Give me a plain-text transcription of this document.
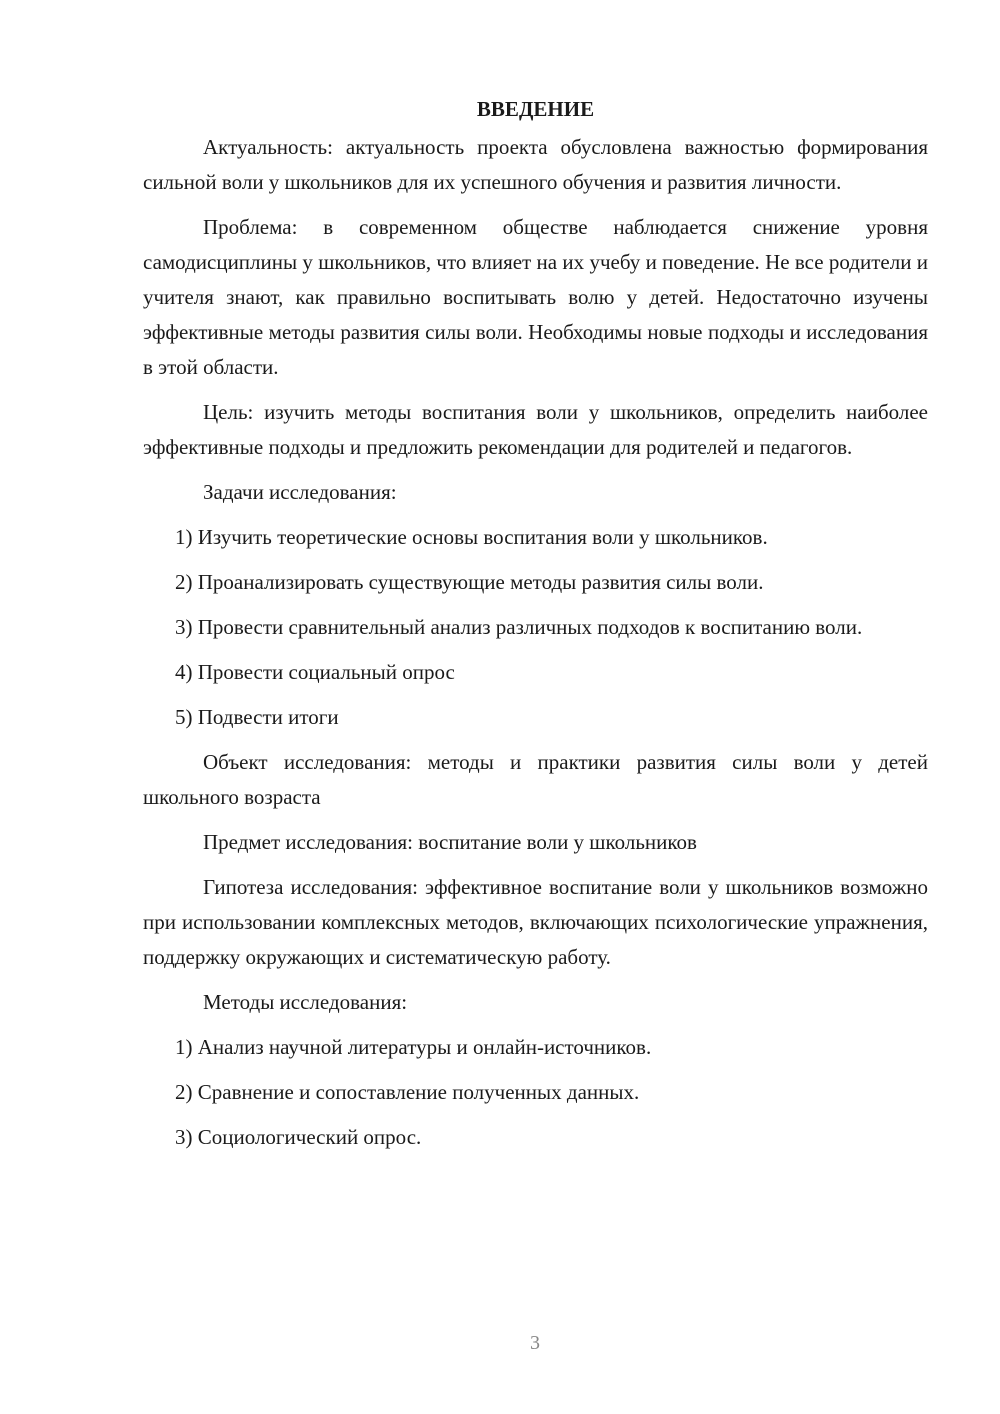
ВВЕДЕНИЕ

Актуальность: актуальность проекта обусловлена важностью формирования сильной воли у школьников для их успешного обучения и развития личности.

Проблема: в современном обществе наблюдается снижение уровня самодисциплины у школьников, что влияет на их учебу и поведение. Не все родители и учителя знают, как правильно воспитывать волю у детей. Недостаточно изучены эффективные методы развития силы воли. Необходимы новые подходы и исследования в этой области.

Цель: изучить методы воспитания воли у школьников, определить наиболее эффективные подходы и предложить рекомендации для родителей и педагогов.

Задачи исследования:

1) Изучить теоретические основы воспитания воли у школьников.

2) Проанализировать существующие методы развития силы воли.

3) Провести сравнительный анализ различных подходов к воспитанию воли.

4) Провести социальный опрос

5) Подвести итоги

Объект исследования: методы и практики развития силы воли у детей школьного возраста

Предмет исследования: воспитание воли у школьников

Гипотеза исследования: эффективное воспитание воли у школьников возможно при использовании комплексных методов, включающих психологические упражнения, поддержку окружающих и систематическую работу.

Методы исследования:

1) Анализ научной литературы и онлайн-источников.

2) Сравнение и сопоставление полученных данных.

3) Социологический опрос.

3
